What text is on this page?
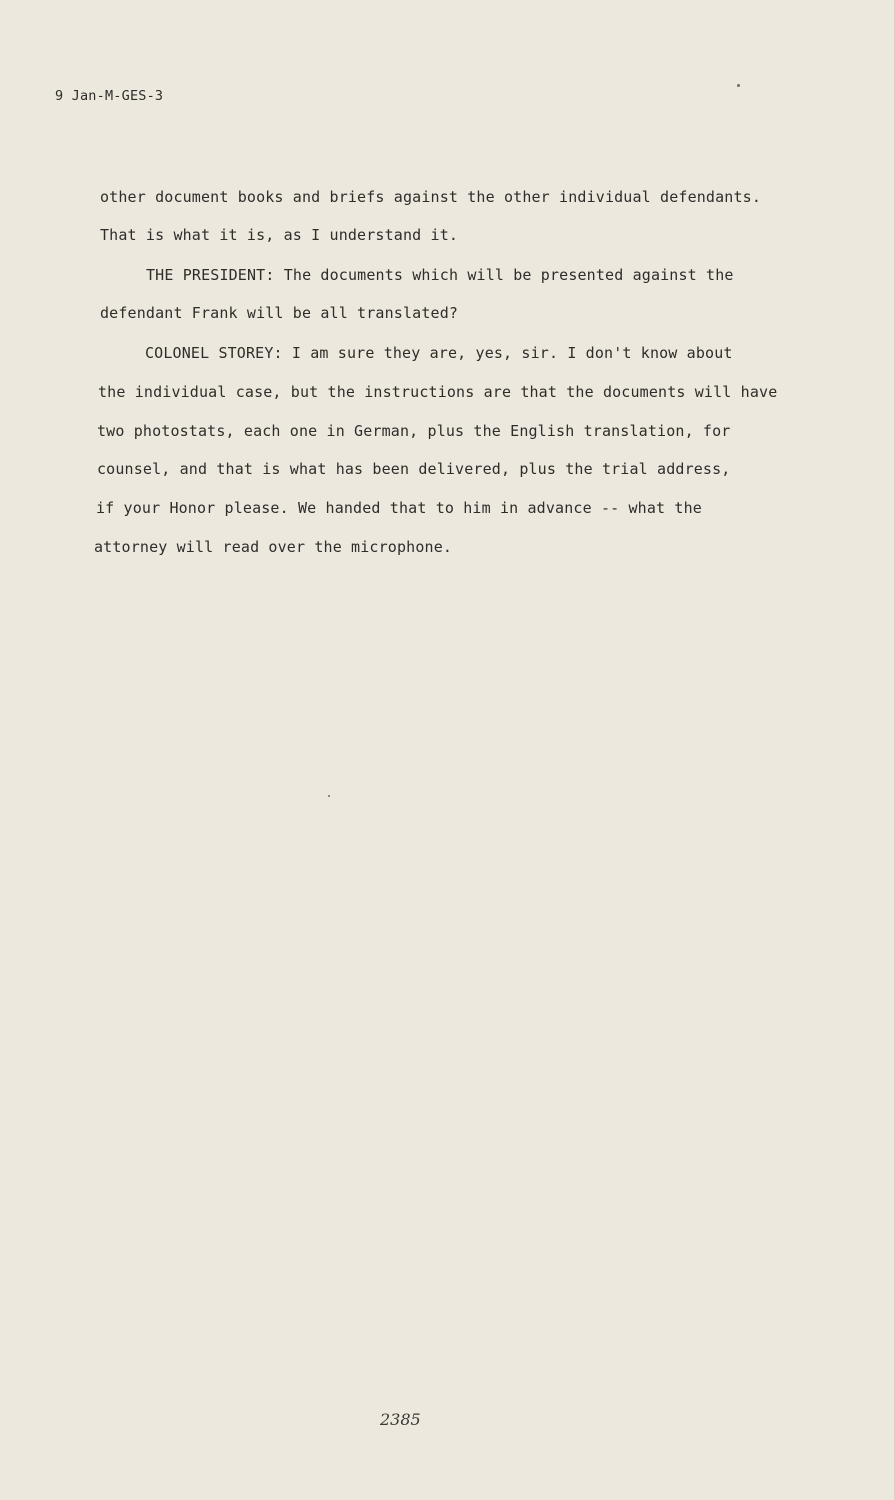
9 Jan-M-GES-3
other document books and briefs against the other individual defendants.
That is what it is, as I understand it.
THE PRESIDENT: The documents which will be presented against the
defendant Frank will be all translated?
COLONEL STOREY: I am sure they are, yes, sir. I don't know about
the individual case, but the instructions are that the documents will have
two photostats, each one in German, plus the English translation, for
counsel, and that is what has been delivered, plus the trial address,
if your Honor please. We handed that to him in advance -- what the
attorney will read over the microphone.
2385
